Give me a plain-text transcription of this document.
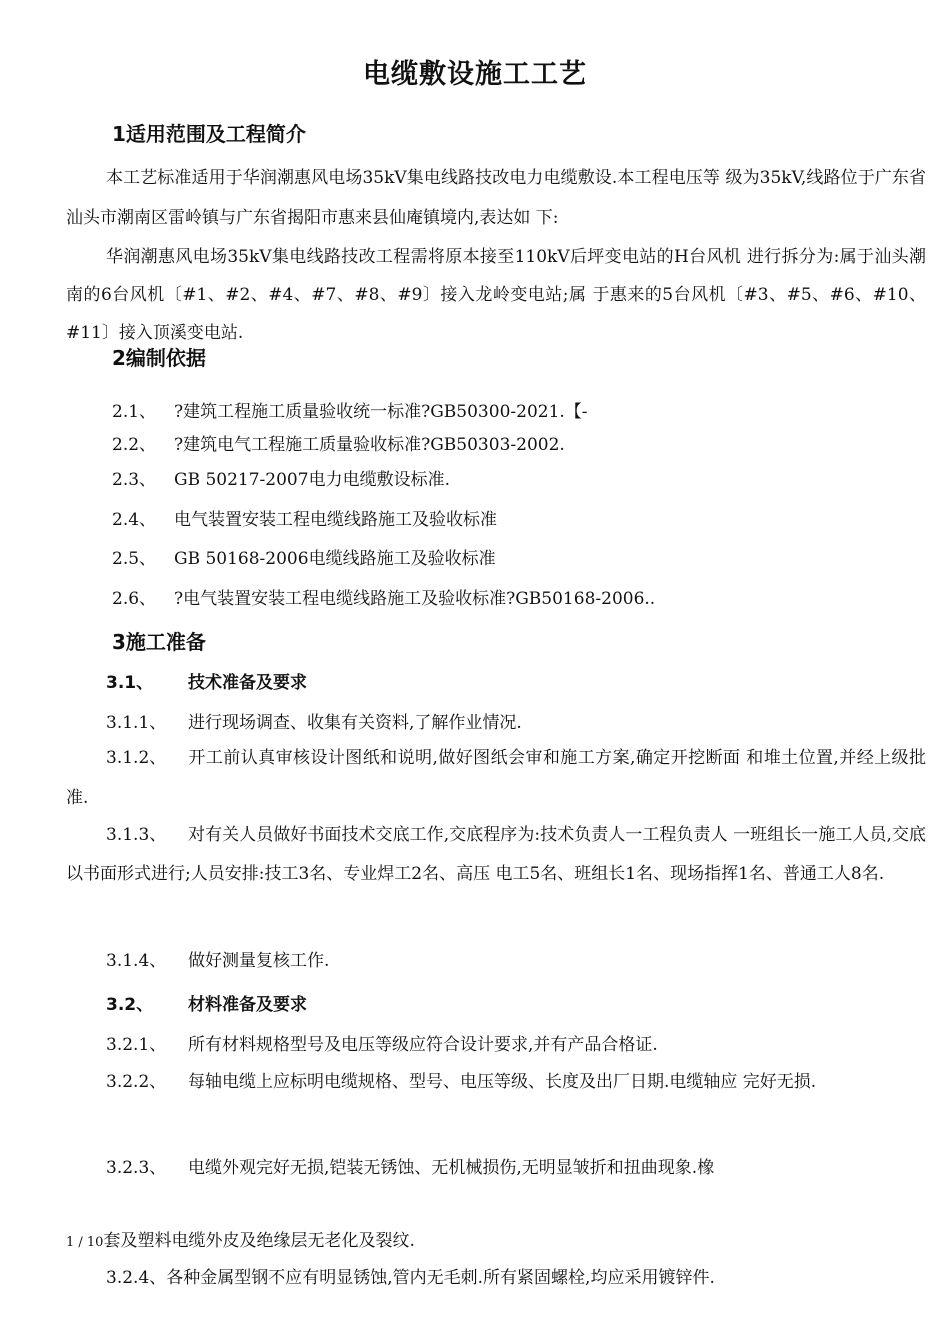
电缆敷设施工工艺
1适用范围及工程简介
本工艺标准适用于华润潮惠风电场35kV集电线路技改电力电缆敷设.本工程电压等 级为35kV,线路位于广东省汕头市潮南区雷岭镇与广东省揭阳市惠来县仙庵镇境内,表达如 下:
华润潮惠风电场35kV集电线路技改工程需将原本接至110kV后坪变电站的H台风机 进行拆分为:属于汕头潮南的6台风机〔#1、#2、#4、#7、#8、#9〕接入龙岭变电站;属 于惠来的5台风机〔#3、#5、#6、#10、#11〕接入顶溪变电站.
2编制依据
2.1、 ?建筑工程施工质量验收统一标准?GB50300-2021.【-
2.2、 ?建筑电气工程施工质量验收标准?GB50303-2002.
2.3、 GB 50217-2007电力电缆敷设标准.
2.4、 电气装置安装工程电缆线路施工及验收标准
2.5、 GB 50168-2006电缆线路施工及验收标准
2.6、 ?电气装置安装工程电缆线路施工及验收标准?GB50168-2006..
3施工准备
3.1、 技术准备及要求
3.1.1、 进行现场调查、收集有关资料,了解作业情况.
3.1.2、 开工前认真审核设计图纸和说明,做好图纸会审和施工方案,确定开挖断面 和堆土位置,并经上级批准.
3.1.3、 对有关人员做好书面技术交底工作,交底程序为:技术负责人一工程负责人 一班组长一施工人员,交底以书面形式进行;人员安排:技工3名、专业焊工2名、高压 电工5名、班组长1名、现场指挥1名、普通工人8名.
3.1.4、 做好测量复核工作.
3.2、 材料准备及要求
3.2.1、 所有材料规格型号及电压等级应符合设计要求,并有产品合格证.
3.2.2、 每轴电缆上应标明电缆规格、型号、电压等级、长度及出厂日期.电缆轴应 完好无损.
3.2.3、 电缆外观完好无损,铠装无锈蚀、无机械损伤,无明显皱折和扭曲现象.橡
1 / 10套及塑料电缆外皮及绝缘层无老化及裂纹.
3.2.4、各种金属型钢不应有明显锈蚀,管内无毛刺.所有紧固螺栓,均应采用镀锌件.
